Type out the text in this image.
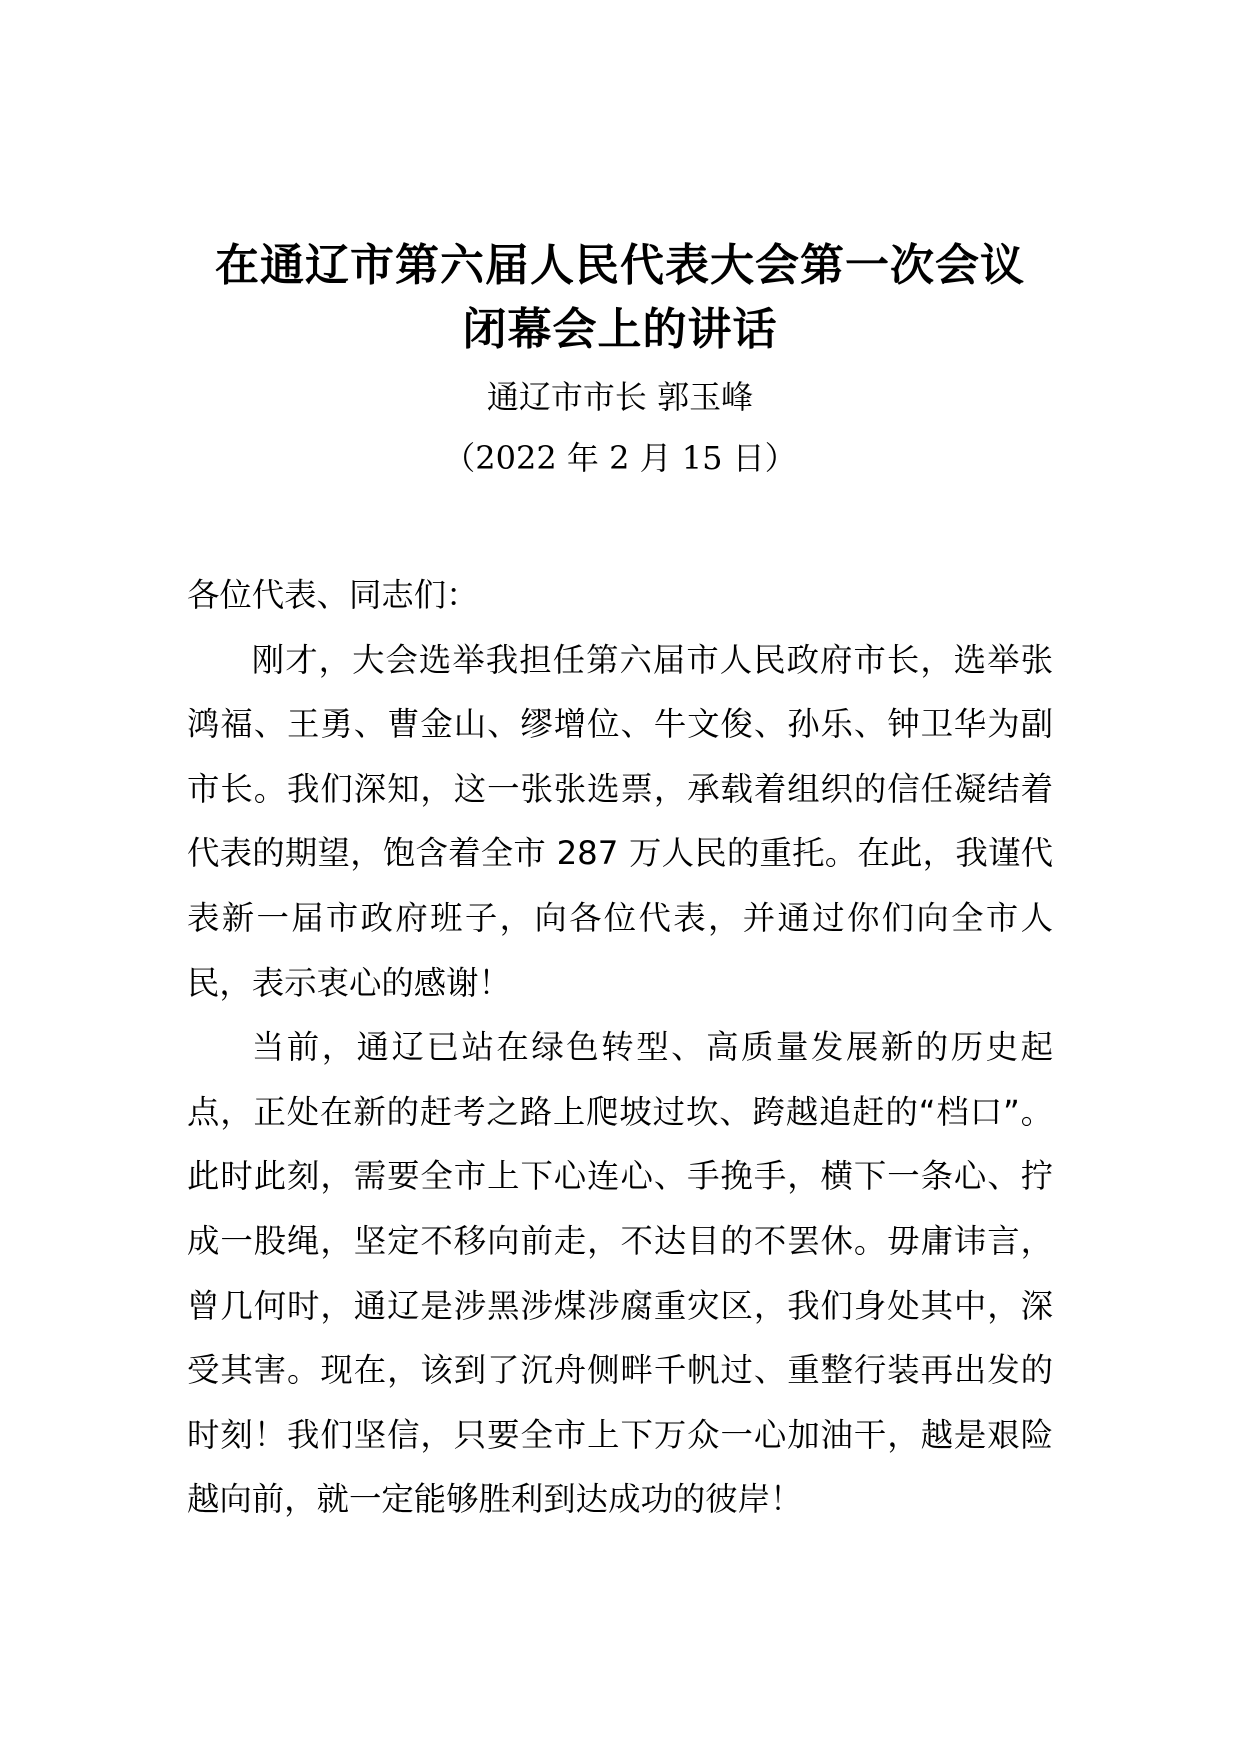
在通辽市第六届人民代表大会第一次会议
闭幕会上的讲话
通辽市市长 郭玉峰
（2022 年 2 月 15 日）

各位代表、同志们：

刚才，大会选举我担任第六届市人民政府市长，选举张鸿福、王勇、曹金山、缪增位、牛文俊、孙乐、钟卫华为副市长。我们深知，这一张张选票，承载着组织的信任凝结着代表的期望，饱含着全市 287 万人民的重托。在此，我谨代表新一届市政府班子，向各位代表，并通过你们向全市人民，表示衷心的感谢！

当前，通辽已站在绿色转型、高质量发展新的历史起点，正处在新的赶考之路上爬坡过坎、跨越追赶的“档口”。此时此刻，需要全市上下心连心、手挽手，横下一条心、拧成一股绳，坚定不移向前走，不达目的不罢休。毋庸讳言，曾几何时，通辽是涉黑涉煤涉腐重灾区，我们身处其中，深受其害。现在，该到了沉舟侧畔千帆过、重整行装再出发的时刻！我们坚信，只要全市上下万众一心加油干，越是艰险越向前，就一定能够胜利到达成功的彼岸！
